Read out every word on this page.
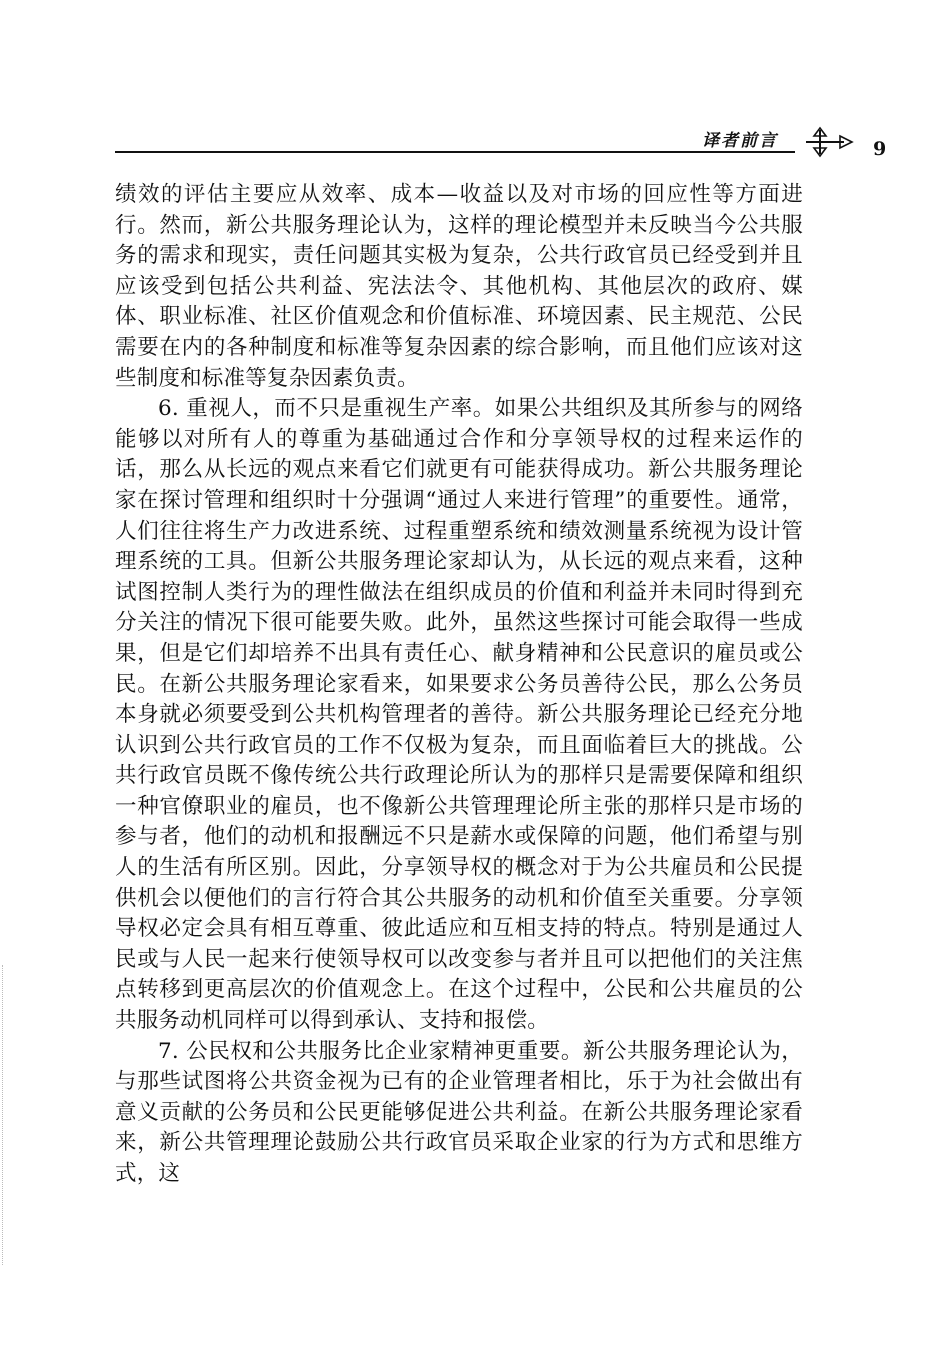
译者前言	9

绩效的评估主要应从效率、成本—收益以及对市场的回应性等方面进行。然而，新公共服务理论认为，这样的理论模型并未反映当今公共服务的需求和现实，责任问题其实极为复杂，公共行政官员已经受到并且应该受到包括公共利益、宪法法令、其他机构、其他层次的政府、媒体、职业标准、社区价值观念和价值标准、环境因素、民主规范、公民需要在内的各种制度和标准等复杂因素的综合影响，而且他们应该对这些制度和标准等复杂因素负责。

6. 重视人，而不只是重视生产率。如果公共组织及其所参与的网络能够以对所有人的尊重为基础通过合作和分享领导权的过程来运作的话，那么从长远的观点来看它们就更有可能获得成功。新公共服务理论家在探讨管理和组织时十分强调“通过人来进行管理”的重要性。通常，人们往往将生产力改进系统、过程重塑系统和绩效测量系统视为设计管理系统的工具。但新公共服务理论家却认为，从长远的观点来看，这种试图控制人类行为的理性做法在组织成员的价值和利益并未同时得到充分关注的情况下很可能要失败。此外，虽然这些探讨可能会取得一些成果，但是它们却培养不出具有责任心、献身精神和公民意识的雇员或公民。在新公共服务理论家看来，如果要求公务员善待公民，那么公务员本身就必须要受到公共机构管理者的善待。新公共服务理论已经充分地认识到公共行政官员的工作不仅极为复杂，而且面临着巨大的挑战。公共行政官员既不像传统公共行政理论所认为的那样只是需要保障和组织一种官僚职业的雇员，也不像新公共管理理论所主张的那样只是市场的参与者，他们的动机和报酬远不只是薪水或保障的问题，他们希望与别人的生活有所区别。因此，分享领导权的概念对于为公共雇员和公民提供机会以便他们的言行符合其公共服务的动机和价值至关重要。分享领导权必定会具有相互尊重、彼此适应和互相支持的特点。特别是通过人民或与人民一起来行使领导权可以改变参与者并且可以把他们的关注焦点转移到更高层次的价值观念上。在这个过程中，公民和公共雇员的公共服务动机同样可以得到承认、支持和报偿。

7. 公民权和公共服务比企业家精神更重要。新公共服务理论认为，与那些试图将公共资金视为已有的企业管理者相比，乐于为社会做出有意义贡献的公务员和公民更能够促进公共利益。在新公共服务理论家看来，新公共管理理论鼓励公共行政官员采取企业家的行为方式和思维方式，这
